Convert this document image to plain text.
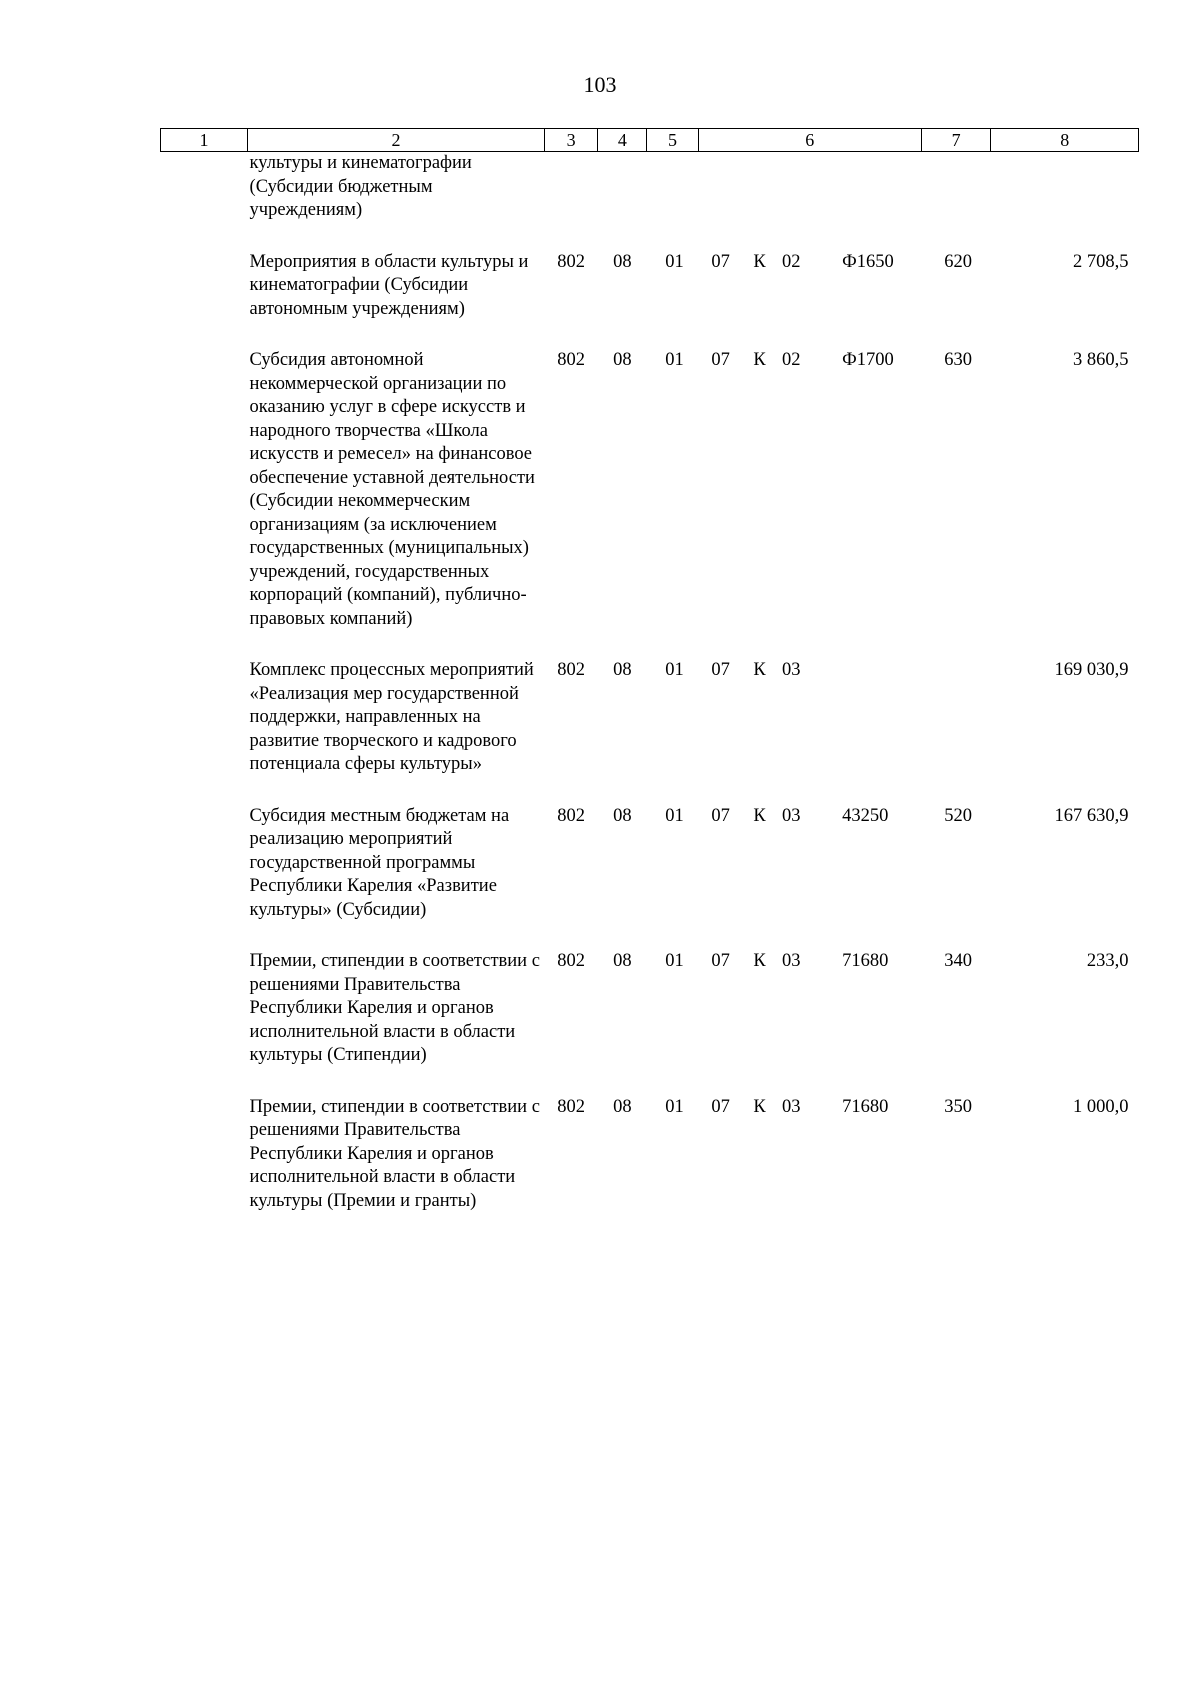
103
1	2	3	4	5	6				7	8
	культуры и кинематографии (Субсидии бюджетным учреждениям)									

	Мероприятия в области культуры и кинематографии (Субсидии автономным учреждениям)	802	08	01	07	К	02	Ф1650	620	2 708,5

	Субсидия автономной некоммерческой организации по оказанию услуг в сфере искусств и народного творчества «Школа искусств и ремесел» на финансовое обеспечение уставной деятельности (Субсидии некоммерческим организациям (за исключением государственных (муниципальных) учреждений, государственных корпораций (компаний), публично-правовых компаний)	802	08	01	07	К	02	Ф1700	630	3 860,5

	Комплекс процессных мероприятий «Реализация мер государственной поддержки, направленных на развитие творческого и кадрового потенциала сферы культуры»	802	08	01	07	К	03			169 030,9

	Субсидия местным бюджетам на реализацию мероприятий государственной программы Республики Карелия «Развитие культуры» (Субсидии)	802	08	01	07	К	03	43250	520	167 630,9

	Премии, стипендии в соответствии с решениями Правительства Республики Карелия и органов исполнительной власти в области культуры (Стипендии)	802	08	01	07	К	03	71680	340	233,0

	Премии, стипендии в соответствии с решениями Правительства Республики Карелия и органов исполнительной власти в области культуры (Премии и гранты)	802	08	01	07	К	03	71680	350	1 000,0
